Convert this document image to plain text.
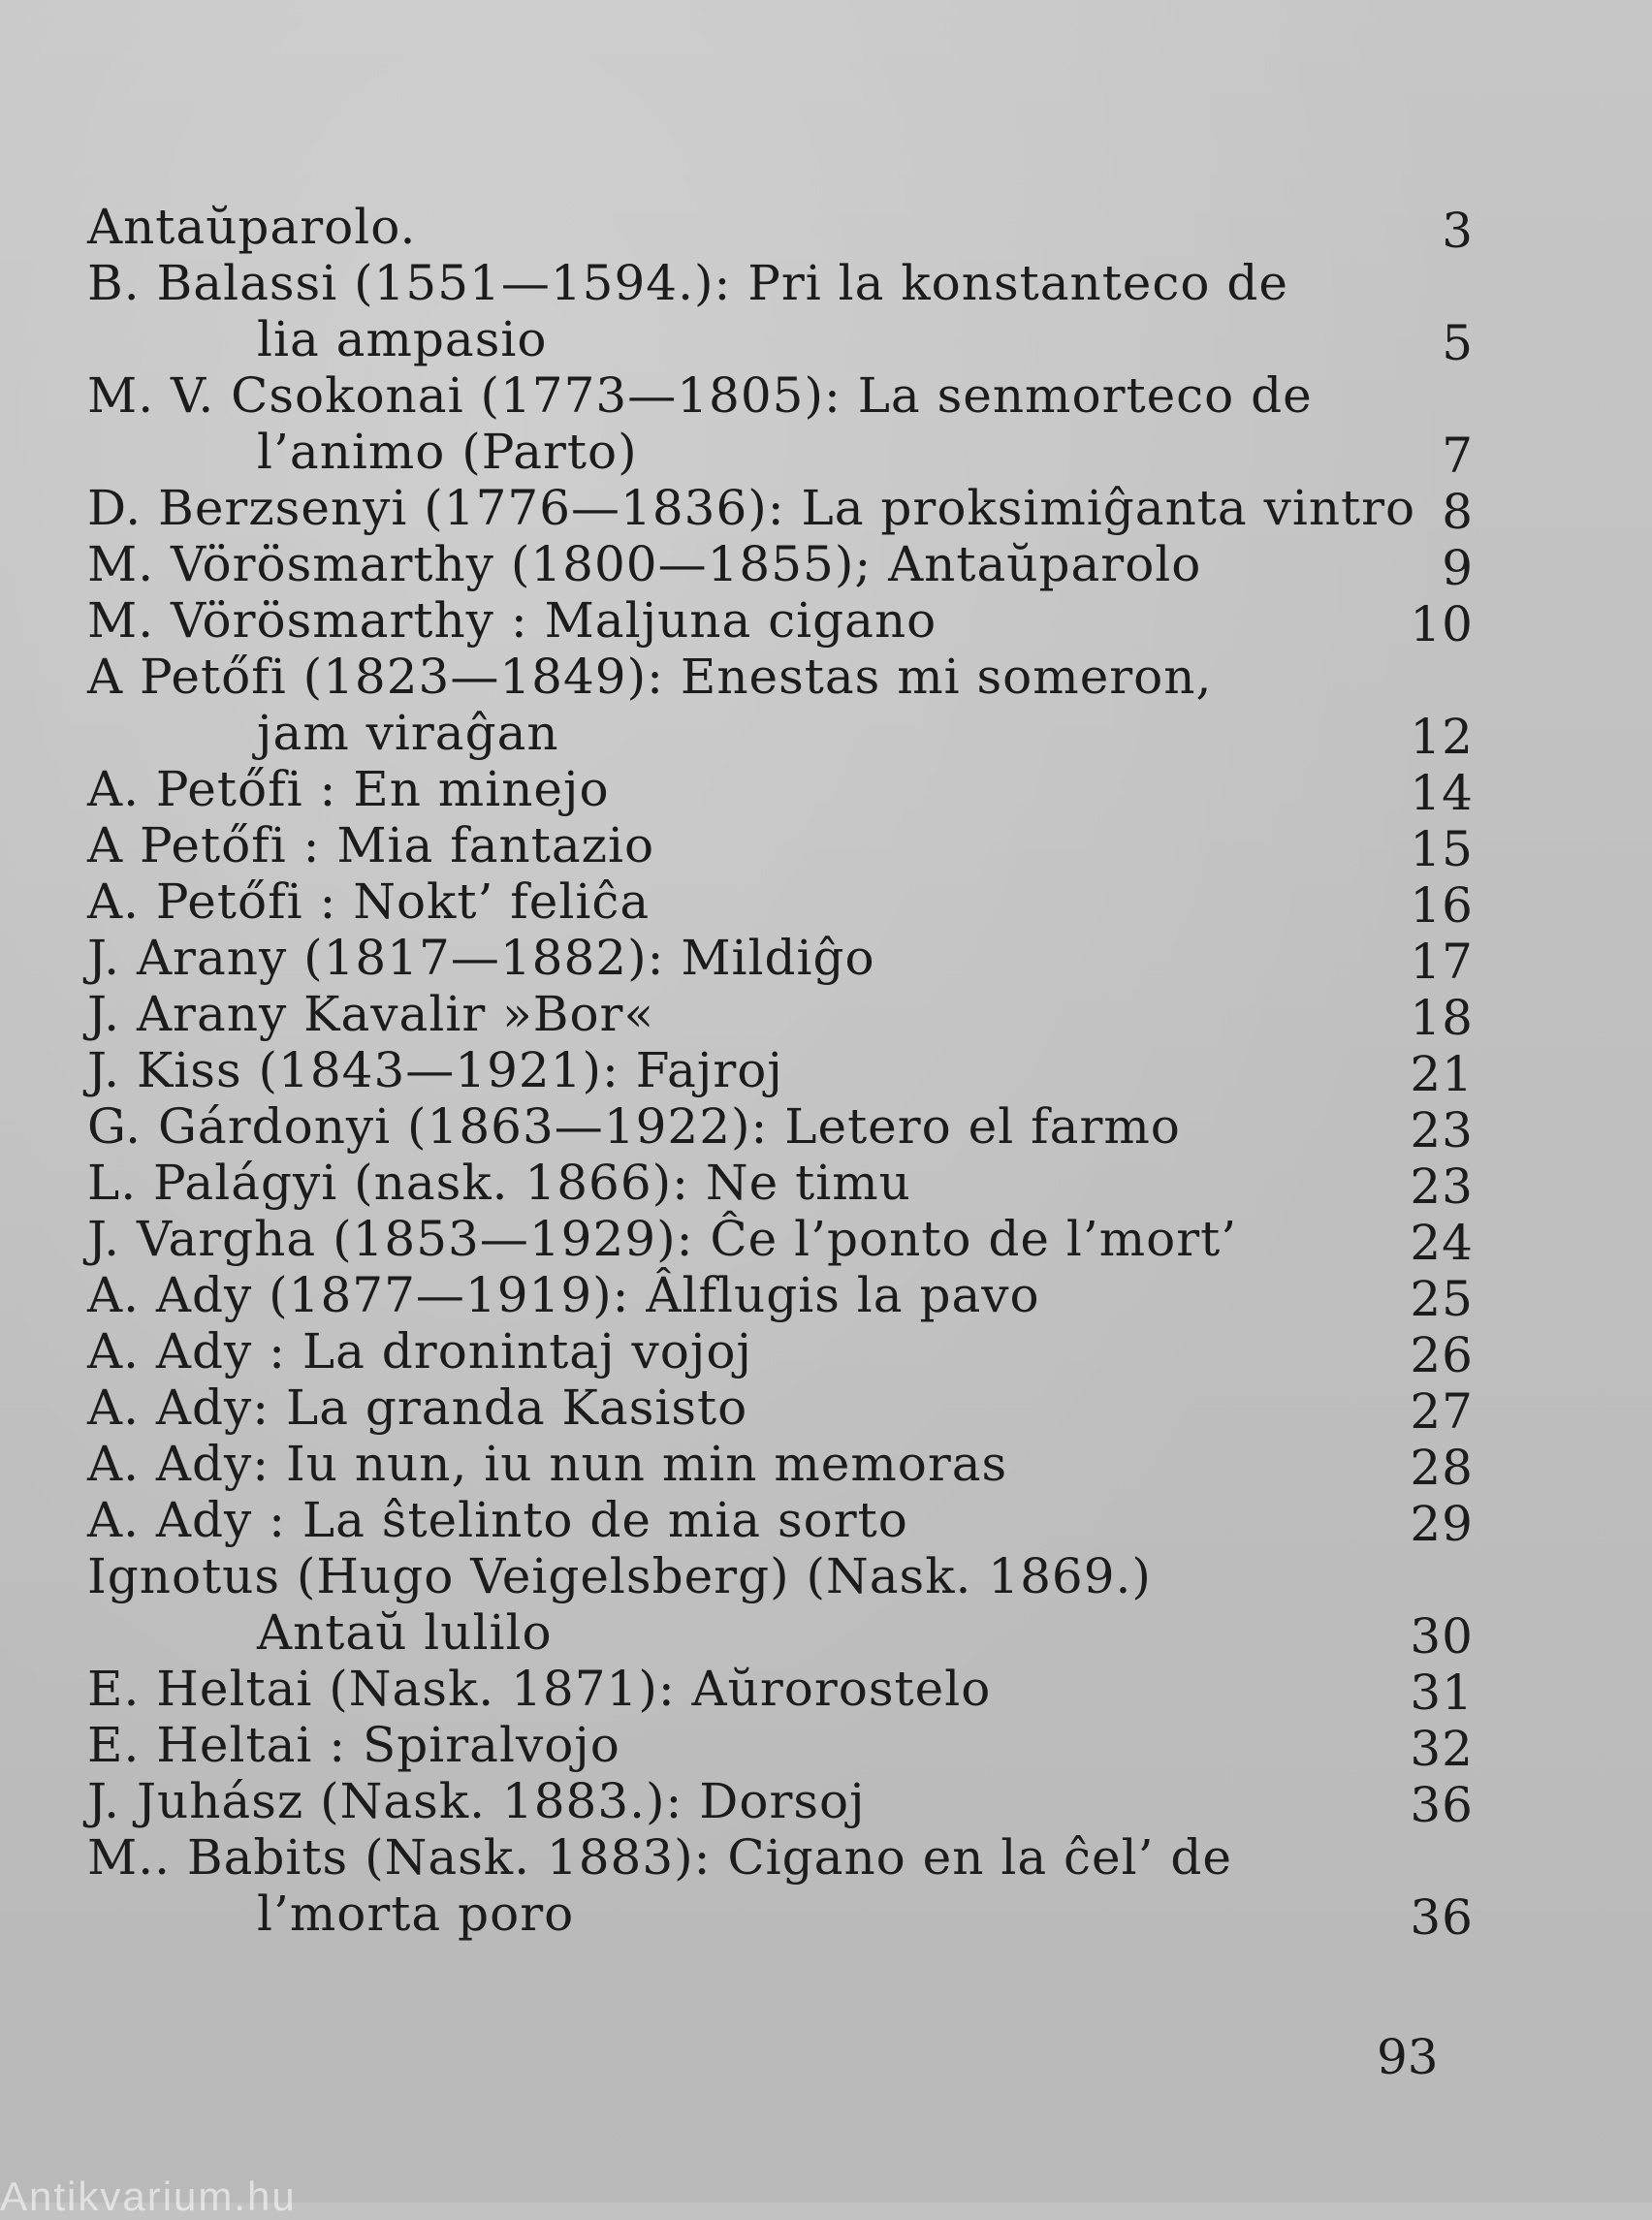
Antaŭparolo.	3
B. Balassi (1551—1594.): Pri la konstanteco de
lia ampasio	5
M. V. Csokonai (1773—1805): La senmorteco de
l’animo (Parto)	7
D. Berzsenyi (1776—1836): La proksimiĝanta vintro 8
M. Vörösmarthy (1800—1855); Antaŭparolo	9
M. Vörösmarthy : Maljuna cigano	10
A Petőfi (1823—1849): Enestas mi someron,
jam viraĝan	12
A. Petőfi : En minejo	14
A Petőfi : Mia fantazio	15
A. Petőfi : Nokt’ feliĉa	16
J. Arany (1817—1882): Mildiĝo	17
J. Arany Kavalir »Bor«	18
J. Kiss (1843—1921): Fajroj	21
G. Gárdonyi (1863—1922): Letero el farmo	23
L. Palágyi (nask. 1866): Ne timu	23
J. Vargha (1853—1929): Ĉe l’ponto de l’mort’	24
A. Ady (1877—1919): Âlflugis la pavo	25
A. Ady : La dronintaj vojoj	26
A. Ady: La granda Kasisto	27
A. Ady: Iu nun, iu nun min memoras	28
A. Ady : La ŝtelinto de mia sorto	29
Ignotus (Hugo Veigelsberg) (Nask. 1869.)
Antaŭ lulilo	30
E. Heltai (Nask. 1871): Aŭrorostelo	31
E. Heltai : Spiralvojo	32
J. Juhász (Nask. 1883.): Dorsoj	36
M.. Babits (Nask. 1883): Cigano en la ĉel’ de
l’morta poro	36
93
Antikvarium.hu
